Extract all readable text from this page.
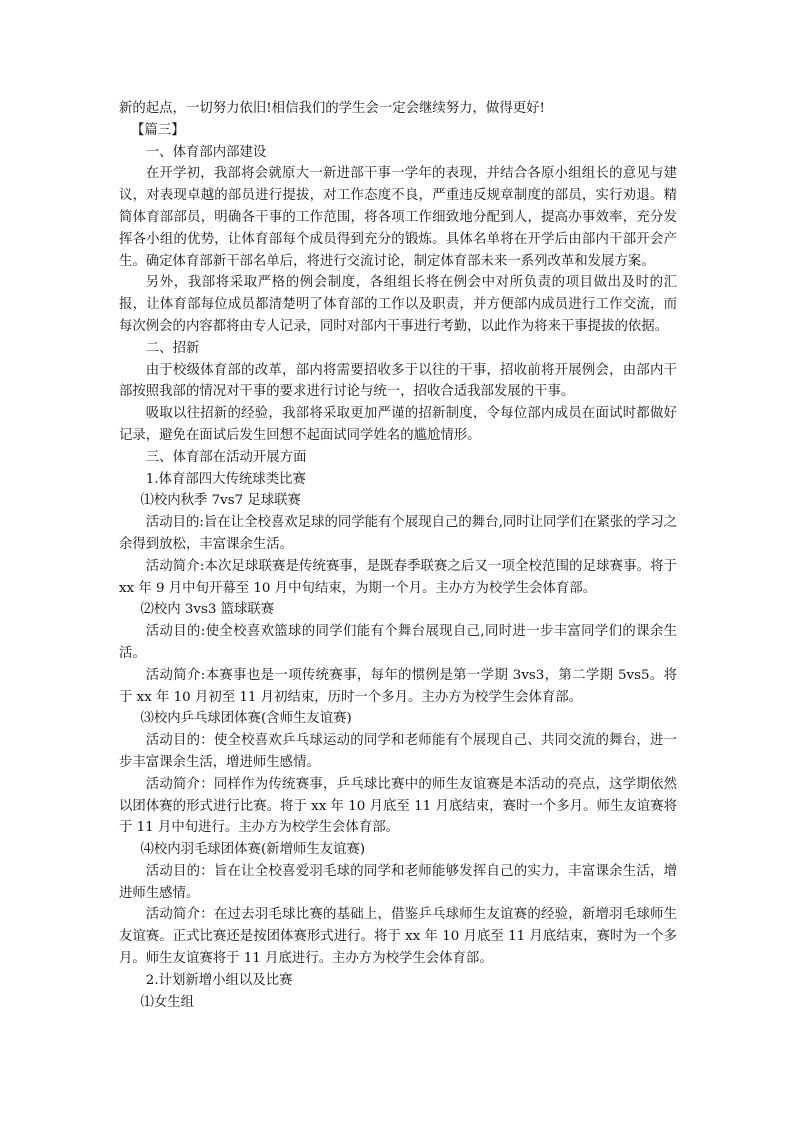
新的起点，一切努力依旧!相信我们的学生会一定会继续努力，做得更好!

【篇三】

一、体育部内部建设

在开学初，我部将会就原大一新进部干事一学年的表现，并结合各原小组组长的意见与建议，对表现卓越的部员进行提拔，对工作态度不良，严重违反规章制度的部员，实行劝退。精简体育部部员，明确各干事的工作范围，将各项工作细致地分配到人，提高办事效率，充分发挥各小组的优势，让体育部每个成员得到充分的锻炼。具体名单将在开学后由部内干部开会产生。确定体育部新干部名单后，将进行交流讨论，制定体育部未来一系列改革和发展方案。

另外，我部将采取严格的例会制度，各组组长将在例会中对所负责的项目做出及时的汇报，让体育部每位成员都清楚明了体育部的工作以及职责，并方便部内成员进行工作交流，而每次例会的内容都将由专人记录，同时对部内干事进行考勤，以此作为将来干事提拔的依据。

二、招新

由于校级体育部的改革，部内将需要招收多于以往的干事，招收前将开展例会，由部内干部按照我部的情况对干事的要求进行讨论与统一，招收合适我部发展的干事。

吸取以往招新的经验，我部将采取更加严谨的招新制度，令每位部内成员在面试时都做好记录，避免在面试后发生回想不起面试同学姓名的尴尬情形。

三、体育部在活动开展方面

1.体育部四大传统球类比赛

⑴校内秋季 7vs7 足球联赛

活动目的:旨在让全校喜欢足球的同学能有个展现自己的舞台,同时让同学们在紧张的学习之余得到放松，丰富课余生活。

活动简介:本次足球联赛是传统赛事，是既春季联赛之后又一项全校范围的足球赛事。将于 xx 年 9 月中旬开幕至 10 月中旬结束，为期一个月。主办方为校学生会体育部。

⑵校内 3vs3 篮球联赛

活动目的:使全校喜欢篮球的同学们能有个舞台展现自己,同时进一步丰富同学们的课余生活。

活动简介:本赛事也是一项传统赛事，每年的惯例是第一学期 3vs3，第二学期 5vs5。将于 xx 年 10 月初至 11 月初结束，历时一个多月。主办方为校学生会体育部。

⑶校内乒乓球团体赛(含师生友谊赛)

活动目的：使全校喜欢乒乓球运动的同学和老师能有个展现自己、共同交流的舞台，进一步丰富课余生活，增进师生感情。

活动简介：同样作为传统赛事，乒乓球比赛中的师生友谊赛是本活动的亮点，这学期依然以团体赛的形式进行比赛。将于 xx 年 10 月底至 11 月底结束，赛时一个多月。师生友谊赛将于 11 月中旬进行。主办方为校学生会体育部。

⑷校内羽毛球团体赛(新增师生友谊赛)

活动目的：旨在让全校喜爱羽毛球的同学和老师能够发挥自己的实力，丰富课余生活，增进师生感情。

活动简介：在过去羽毛球比赛的基础上，借鉴乒乓球师生友谊赛的经验，新增羽毛球师生友谊赛。正式比赛还是按团体赛形式进行。将于 xx 年 10 月底至 11 月底结束，赛时为一个多月。师生友谊赛将于 11 月底进行。主办方为校学生会体育部。

2.计划新增小组以及比赛

⑴女生组
